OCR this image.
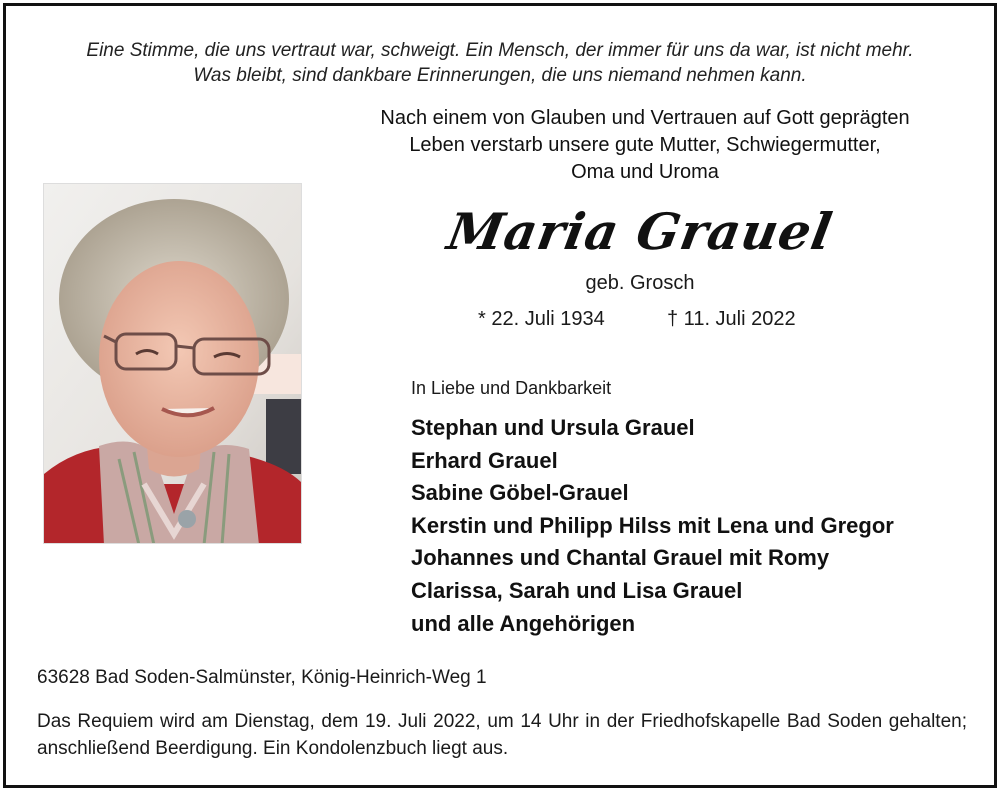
Eine Stimme, die uns vertraut war, schweigt. Ein Mensch, der immer für uns da war, ist nicht mehr.
Was bleibt, sind dankbare Erinnerungen, die uns niemand nehmen kann.
Nach einem von Glauben und Vertrauen auf Gott geprägten
Leben verstarb unsere gute Mutter, Schwiegermutter,
Oma und Uroma
Maria Grauel
geb. Grosch
* 22. Juli 1934	† 11. Juli 2022
In Liebe und Dankbarkeit
Stephan und Ursula Grauel
Erhard Grauel
Sabine Göbel-Grauel
Kerstin und Philipp Hilss mit Lena und Gregor
Johannes und Chantal Grauel mit Romy
Clarissa, Sarah und Lisa Grauel
und alle Angehörigen
63628 Bad Soden-Salmünster, König-Heinrich-Weg 1
Das Requiem wird am Dienstag, dem 19. Juli 2022, um 14 Uhr in der Friedhofskapelle Bad Soden gehalten; anschließend Beerdigung. Ein Kondolenzbuch liegt aus.
